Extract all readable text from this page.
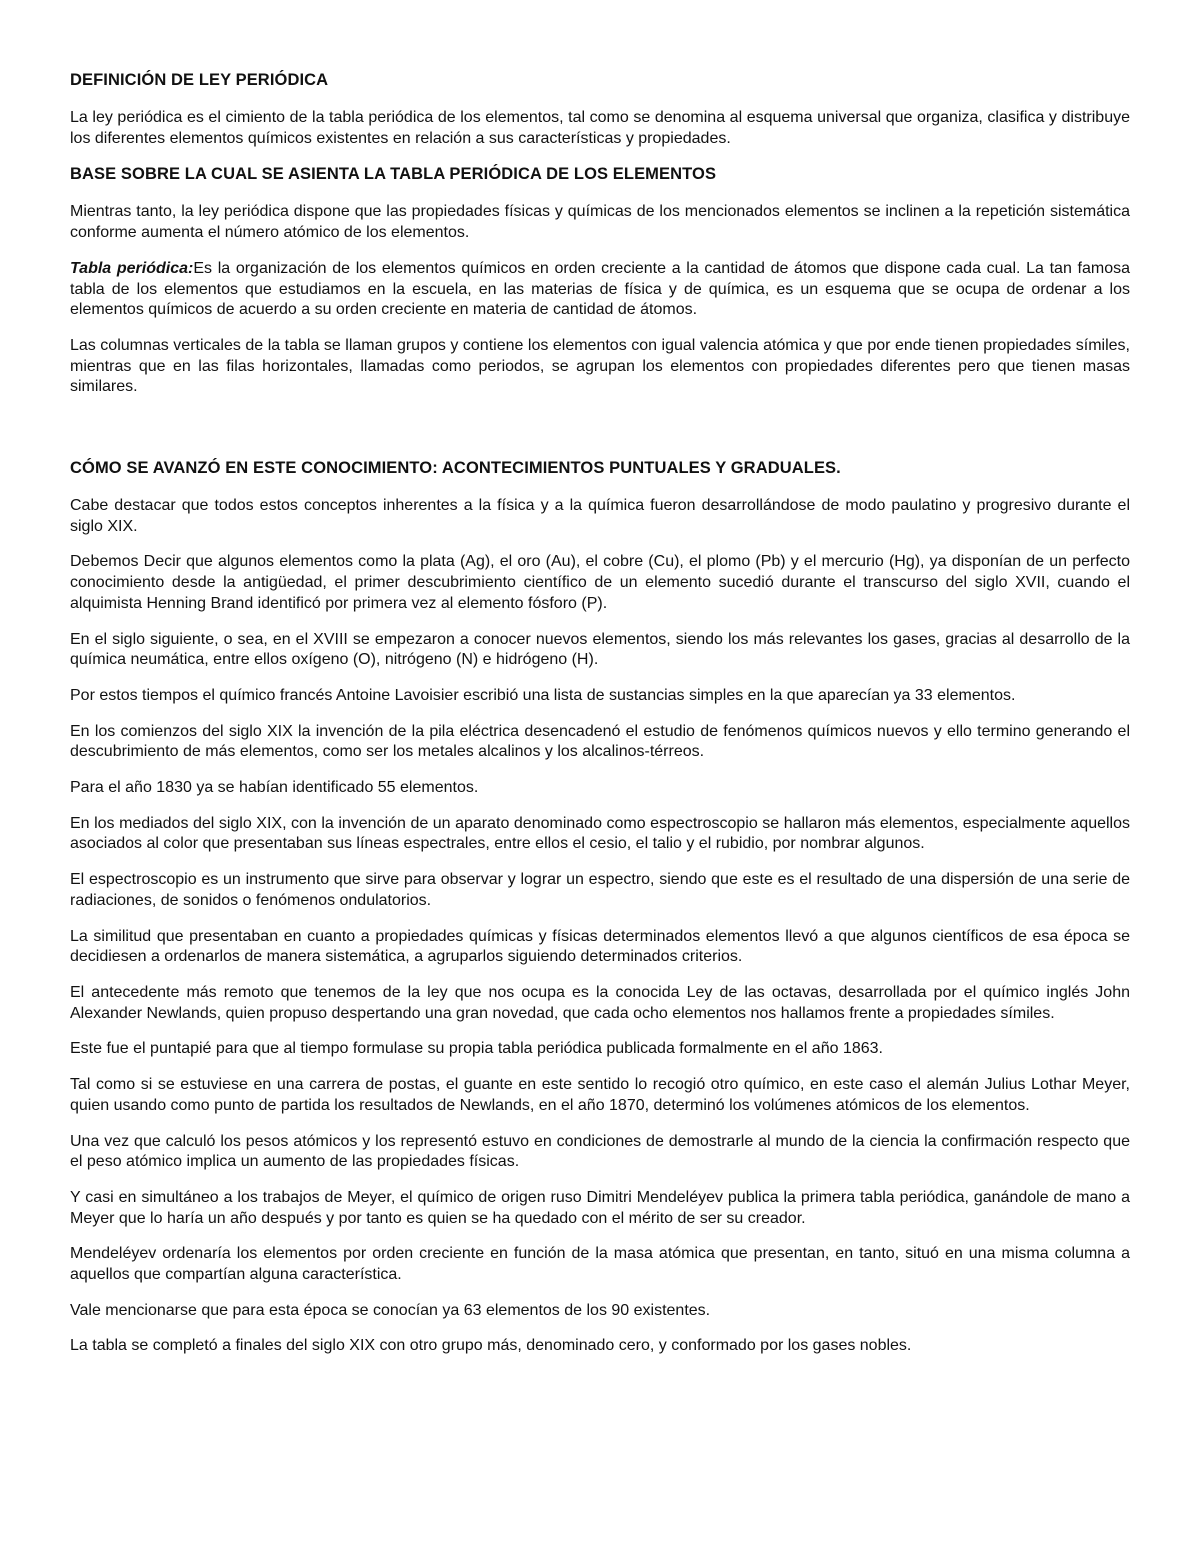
DEFINICIÓN DE LEY PERIÓDICA

La ley periódica es el cimiento de la tabla periódica de los elementos, tal como se denomina al esquema universal que organiza, clasifica y distribuye los diferentes elementos químicos existentes en relación a sus características y propiedades.

BASE SOBRE LA CUAL SE ASIENTA LA TABLA PERIÓDICA DE LOS ELEMENTOS

Mientras tanto, la ley periódica dispone que las propiedades físicas y químicas de los mencionados elementos se inclinen a la repetición sistemática conforme aumenta el número atómico de los elementos.

Tabla periódica:Es la organización de los elementos químicos en orden creciente a la cantidad de átomos que dispone cada cual. La tan famosa tabla de los elementos que estudiamos en la escuela, en las materias de física y de química, es un esquema que se ocupa de ordenar a los elementos químicos de acuerdo a su orden creciente en materia de cantidad de átomos.

Las columnas verticales de la tabla se llaman grupos y contiene los elementos con igual valencia atómica y que por ende tienen propiedades símiles, mientras que en las filas horizontales, llamadas como periodos, se agrupan los elementos con propiedades diferentes pero que tienen masas similares.

CÓMO SE AVANZÓ EN ESTE CONOCIMIENTO: ACONTECIMIENTOS PUNTUALES Y GRADUALES.

Cabe destacar que todos estos conceptos inherentes a la física y a la química fueron desarrollándose de modo paulatino y progresivo durante el siglo XIX.

Debemos Decir que algunos elementos como la plata (Ag), el oro (Au), el cobre (Cu), el plomo (Pb) y el mercurio (Hg), ya disponían de un perfecto conocimiento desde la antigüedad, el primer descubrimiento científico de un elemento sucedió durante el transcurso del siglo XVII, cuando el alquimista Henning Brand identificó por primera vez al elemento fósforo (P).

En el siglo siguiente, o sea, en el XVIII se empezaron a conocer nuevos elementos, siendo los más relevantes los gases, gracias al desarrollo de la química neumática, entre ellos oxígeno (O), nitrógeno (N) e hidrógeno (H).

Por estos tiempos el químico francés Antoine Lavoisier escribió una lista de sustancias simples en la que aparecían ya 33 elementos.

En los comienzos del siglo XIX la invención de la pila eléctrica desencadenó el estudio de fenómenos químicos nuevos y ello termino generando el descubrimiento de más elementos, como ser los metales alcalinos y los alcalinos-térreos.

Para el año 1830 ya se habían identificado 55 elementos.

En los mediados del siglo XIX, con la invención de un aparato denominado como espectroscopio se hallaron más elementos, especialmente aquellos asociados al color que presentaban sus líneas espectrales, entre ellos el cesio, el talio y el rubidio, por nombrar algunos.

El espectroscopio es un instrumento que sirve para observar y lograr un espectro, siendo que este es el resultado de una dispersión de una serie de radiaciones, de sonidos o fenómenos ondulatorios.

La similitud que presentaban en cuanto a propiedades químicas y físicas determinados elementos llevó a que algunos científicos de esa época se decidiesen a ordenarlos de manera sistemática, a agruparlos siguiendo determinados criterios.

El antecedente más remoto que tenemos de la ley que nos ocupa es la conocida Ley de las octavas, desarrollada por el químico inglés John Alexander Newlands, quien propuso despertando una gran novedad, que cada ocho elementos nos hallamos frente a propiedades símiles.

Este fue el puntapié para que al tiempo formulase su propia tabla periódica publicada formalmente en el año 1863.

Tal como si se estuviese en una carrera de postas, el guante en este sentido lo recogió otro químico, en este caso el alemán Julius Lothar Meyer, quien usando como punto de partida los resultados de Newlands, en el año 1870, determinó los volúmenes atómicos de los elementos.

Una vez que calculó los pesos atómicos y los representó estuvo en condiciones de demostrarle al mundo de la ciencia la confirmación respecto que el peso atómico implica un aumento de las propiedades físicas.

Y casi en simultáneo a los trabajos de Meyer, el químico de origen ruso Dimitri Mendeléyev publica la primera tabla periódica, ganándole de mano a Meyer que lo haría un año después y por tanto es quien se ha quedado con el mérito de ser su creador.

Mendeléyev ordenaría los elementos por orden creciente en función de la masa atómica que presentan, en tanto, situó en una misma columna a aquellos que compartían alguna característica.

Vale mencionarse que para esta época se conocían ya 63 elementos de los 90 existentes.

La tabla se completó a finales del siglo XIX con otro grupo más, denominado cero, y conformado por los gases nobles.
